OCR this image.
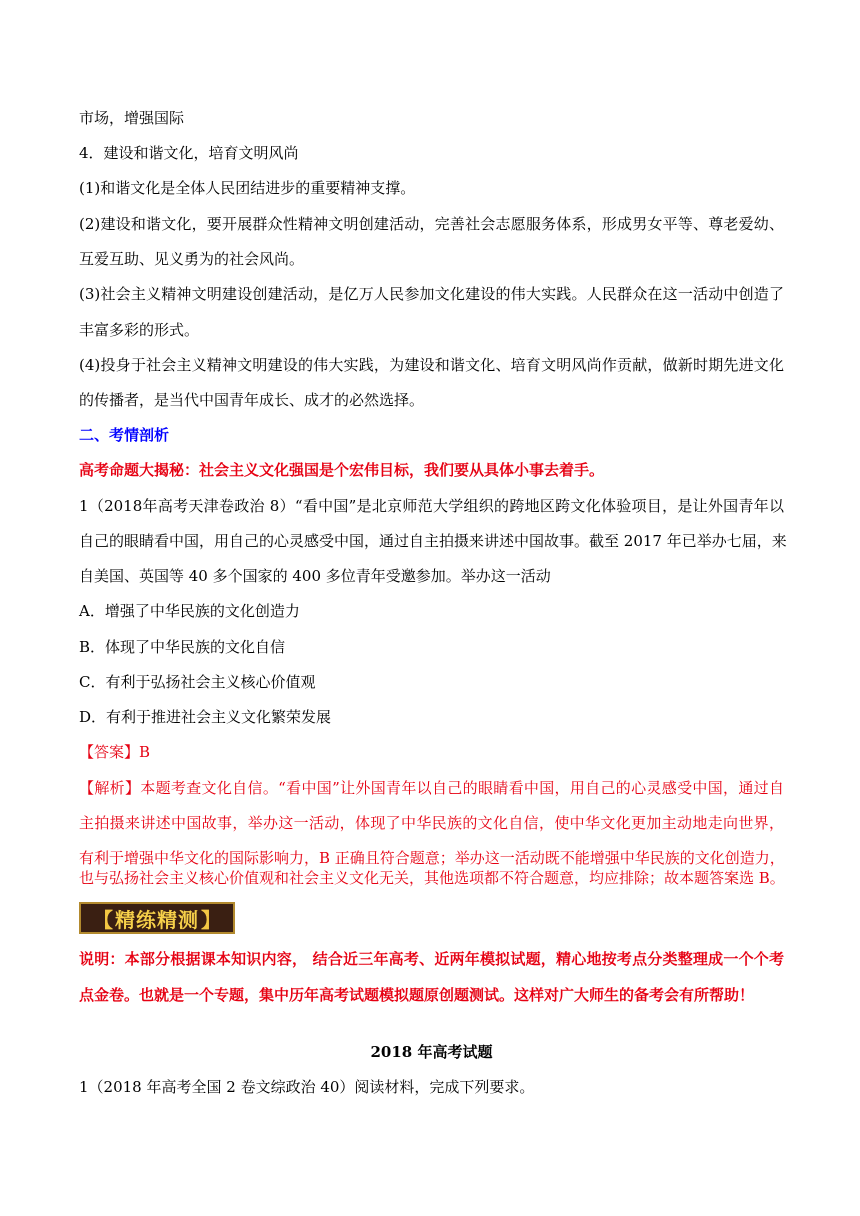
市场，增强国际
4．建设和谐文化，培育文明风尚
(1)和谐文化是全体人民团结进步的重要精神支撑。
(2)建设和谐文化，要开展群众性精神文明创建活动，完善社会志愿服务体系，形成男女平等、尊老爱幼、
互爱互助、见义勇为的社会风尚。
(3)社会主义精神文明建设创建活动，是亿万人民参加文化建设的伟大实践。人民群众在这一活动中创造了
丰富多彩的形式。
(4)投身于社会主义精神文明建设的伟大实践，为建设和谐文化、培育文明风尚作贡献，做新时期先进文化
的传播者，是当代中国青年成长、成才的必然选择。
二、考情剖析
高考命题大揭秘：社会主义文化强国是个宏伟目标，我们要从具体小事去着手。
1（2018年高考天津卷政治 8）“看中国”是北京师范大学组织的跨地区跨文化体验项目，是让外国青年以
自己的眼睛看中国，用自己的心灵感受中国，通过自主拍摄来讲述中国故事。截至 2017 年已举办七届，来
自美国、英国等 40 多个国家的 400 多位青年受邀参加。举办这一活动
A．增强了中华民族的文化创造力
B．体现了中华民族的文化自信
C．有利于弘扬社会主义核心价值观
D．有利于推进社会主义文化繁荣发展
【答案】B
【解析】本题考查文化自信。“看中国”让外国青年以自己的眼睛看中国，用自己的心灵感受中国，通过自
主拍摄来讲述中国故事，举办这一活动，体现了中华民族的文化自信，使中华文化更加主动地走向世界，
有利于增强中华文化的国际影响力，B 正确且符合题意；举办这一活动既不能增强中华民族的文化创造力，
也与弘扬社会主义核心价值观和社会主义文化无关，其他选项都不符合题意，均应排除；故本题答案选 B。
【 精练精测 】
说明：本部分根据课本知识内容， 结合近三年高考、近两年模拟试题，精心地按考点分类整理成一个个考
点金卷。也就是一个专题，集中历年高考试题模拟题原创题测试。这样对广大师生的备考会有所帮助！
2018 年高考试题
1（2018 年高考全国 2 卷文综政治 40）阅读材料，完成下列要求。
